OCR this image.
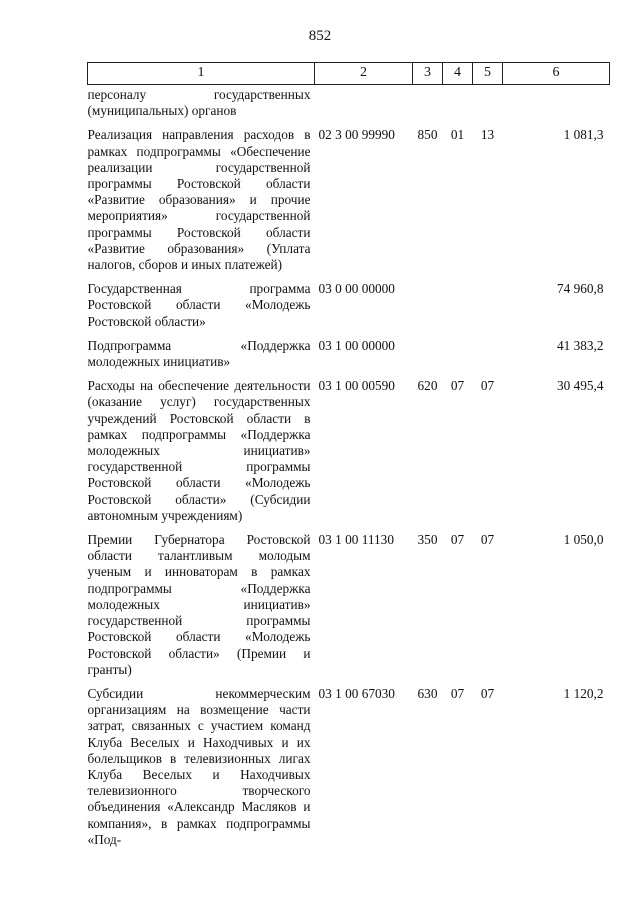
852
1	2	3	4	5	6
персоналу государственных (муниципальных) органов					
Реализация направления расходов в рамках подпрограммы «Обеспечение реализации государственной программы Ростовской области «Развитие образования» и прочие мероприятия» государственной программы Ростовской области «Развитие образования» (Уплата налогов, сборов и иных платежей)	02 3 00 99990	850	01	13	1 081,3
Государственная программа Ростовской области «Молодежь Ростовской области»	03 0 00 00000				74 960,8
Подпрограмма «Поддержка молодежных инициатив»	03 1 00 00000				41 383,2
Расходы на обеспечение деятельности (оказание услуг) государственных учреждений Ростовской области в рамках подпрограммы «Поддержка молодежных инициатив» государственной программы Ростовской области «Молодежь Ростовской области» (Субсидии автономным учреждениям)	03 1 00 00590	620	07	07	30 495,4
Премии Губернатора Ростовской области талантливым молодым ученым и инноваторам в рамках подпрограммы «Поддержка молодежных инициатив» государственной программы Ростовской области «Молодежь Ростовской области» (Премии и гранты)	03 1 00 11130	350	07	07	1 050,0
Субсидии некоммерческим организациям на возмещение части затрат, связанных с участием команд Клуба Веселых и Находчивых и их болельщиков в телевизионных лигах Клуба Веселых и Находчивых телевизионного творческого объединения «Александр Масляков и компания», в рамках подпрограммы «Под-	03 1 00 67030	630	07	07	1 120,2
